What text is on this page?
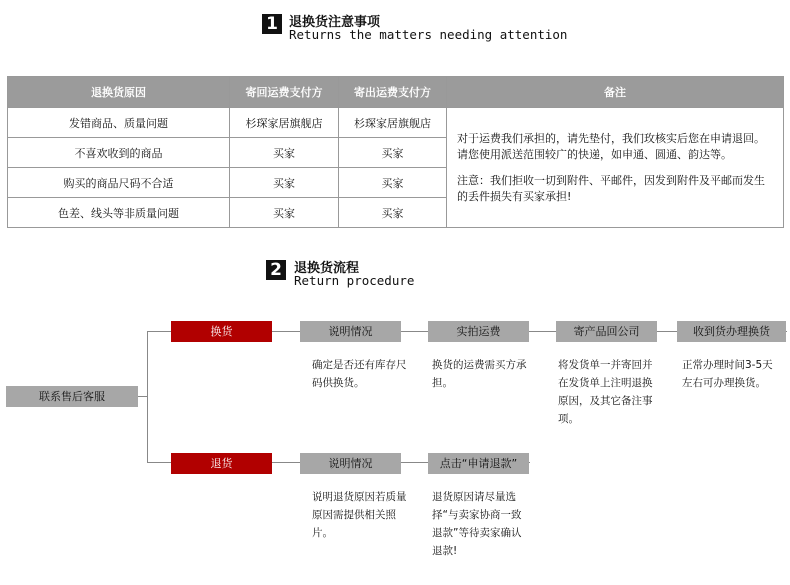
1 退换货注意事项
Returns the matters needing attention
退换货原因	寄回运费支付方	寄出运费支付方	备注
发错商品、质量问题	杉琛家居旗舰店	杉琛家居旗舰店	对于运费我们承担的，请先垫付，我们玫核实后您在申请退回。请您使用派送范围较广的快递，如申通、圆通、韵达等。

注意：我们拒收一切到附件、平邮件，因发到附件及平邮而发生的丢件损失有买家承担!

不喜欢收到的商品	买家	买家	
购买的商品尺码不合适	买家	买家	
色差、线头等非质量问题	买家	买家	
2 退换货流程
Return procedure
联系售后客服
换货	说明情况	实拍运费	寄产品回公司	收到货办理换货
确定是否还有库存尺码供换货。
换货的运费需买方承担。
将发货单一并寄回并在发货单上注明退换原因，及其它备注事项。
正常办理时间3-5天左右可办理换货。
退货	说明情况	点击“申请退款”
说明退货原因若质量原因需提供相关照片。
退货原因请尽量选择“与卖家协商一致退款”等待卖家确认退款!
